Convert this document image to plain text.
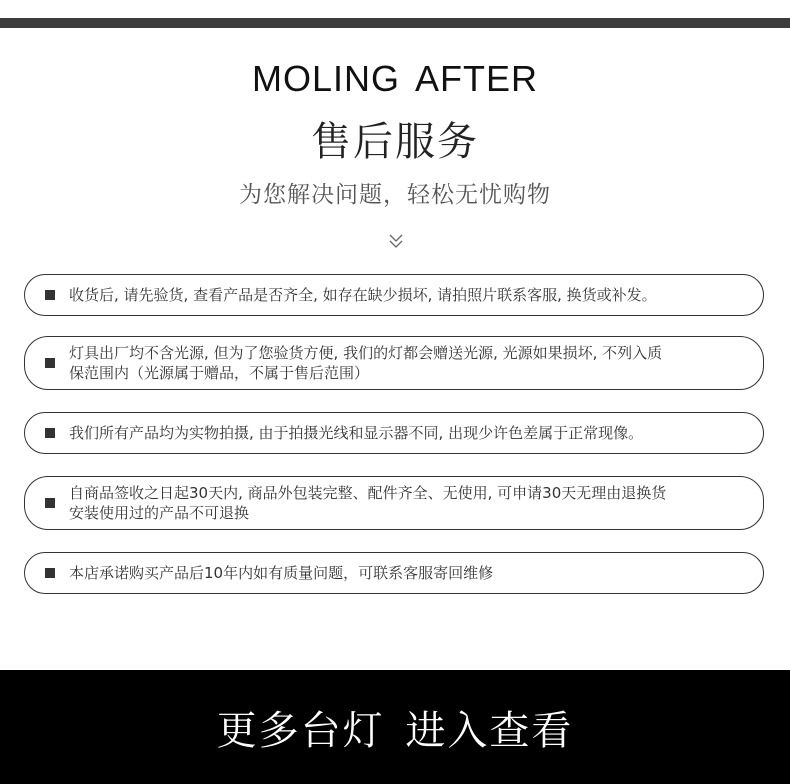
MOLING AFTER
售后服务
为您解决问题，轻松无忧购物
收货后, 请先验货, 查看产品是否齐全, 如存在缺少损坏, 请拍照片联系客服, 换货或补发。
灯具出厂均不含光源, 但为了您验货方便, 我们的灯都会赠送光源, 光源如果损坏, 不列入质
保范围内（光源属于赠品，不属于售后范围）
我们所有产品均为实物拍摄, 由于拍摄光线和显示器不同, 出现少许色差属于正常现像。
自商品签收之日起30天内, 商品外包装完整、配件齐全、无使用, 可申请30天无理由退换货
安装使用过的产品不可退换
本店承诺购买产品后10年内如有质量问题，可联系客服寄回维修
更多台灯 进入查看
